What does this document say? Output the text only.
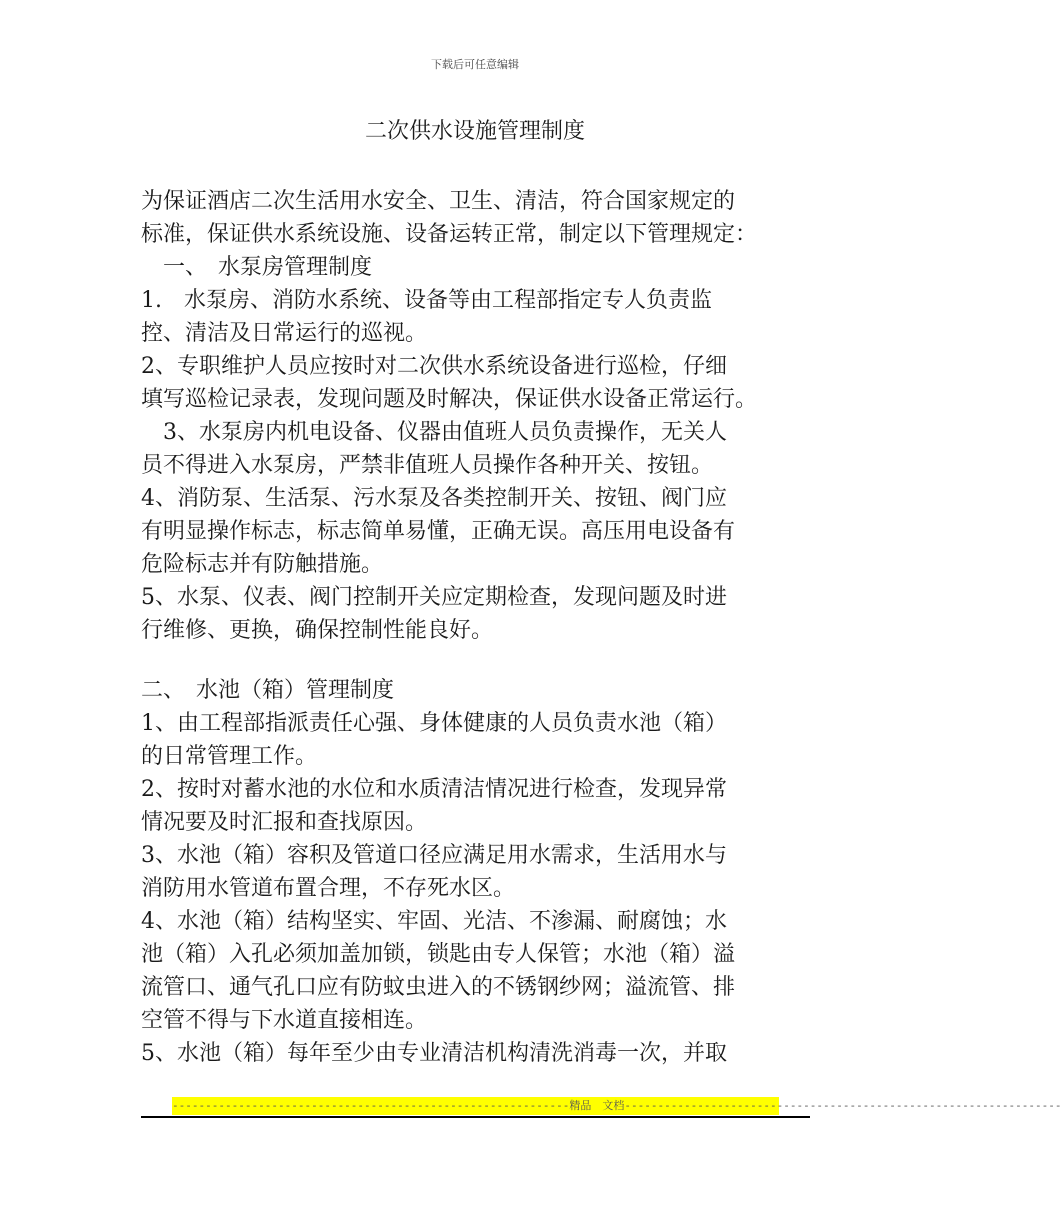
下载后可任意编辑
二次供水设施管理制度
为保证酒店二次生活用水安全、卫生、清洁，符合国家规定的
标准，保证供水系统设施、设备运转正常，制定以下管理规定：
　一、　水泵房管理制度
1.　水泵房、消防水系统、设备等由工程部指定专人负责监
控、清洁及日常运行的巡视。
2、专职维护人员应按时对二次供水系统设备进行巡检，仔细
填写巡检记录表，发现问题及时解决，保证供水设备正常运行。
　3、水泵房内机电设备、仪器由值班人员负责操作，无关人
员不得进入水泵房，严禁非值班人员操作各种开关、按钮。
4、消防泵、生活泵、污水泵及各类控制开关、按钮、阀门应
有明显操作标志，标志简单易懂，正确无误。高压用电设备有
危险标志并有防触措施。
5、水泵、仪表、阀门控制开关应定期检查，发现问题及时进
行维修、更换，确保控制性能良好。
二、　水池（箱）管理制度
1、由工程部指派责任心强、身体健康的人员负责水池（箱）
的日常管理工作。
2、按时对蓄水池的水位和水质清洁情况进行检查，发现异常
情况要及时汇报和查找原因。
3、水池（箱）容积及管道口径应满足用水需求，生活用水与
消防用水管道布置合理，不存死水区。
4、水池（箱）结构坚实、牢固、光洁、不渗漏、耐腐蚀；水
池（箱）入孔必须加盖加锁，锁匙由专人保管；水池（箱）溢
流管口、通气孔口应有防蚊虫进入的不锈钢纱网；溢流管、排
空管不得与下水道直接相连。
5、水池（箱）每年至少由专业清洁机构清洗消毒一次，并取
------------------------------------------------------------精品　文档------------------------------------------------------------------
